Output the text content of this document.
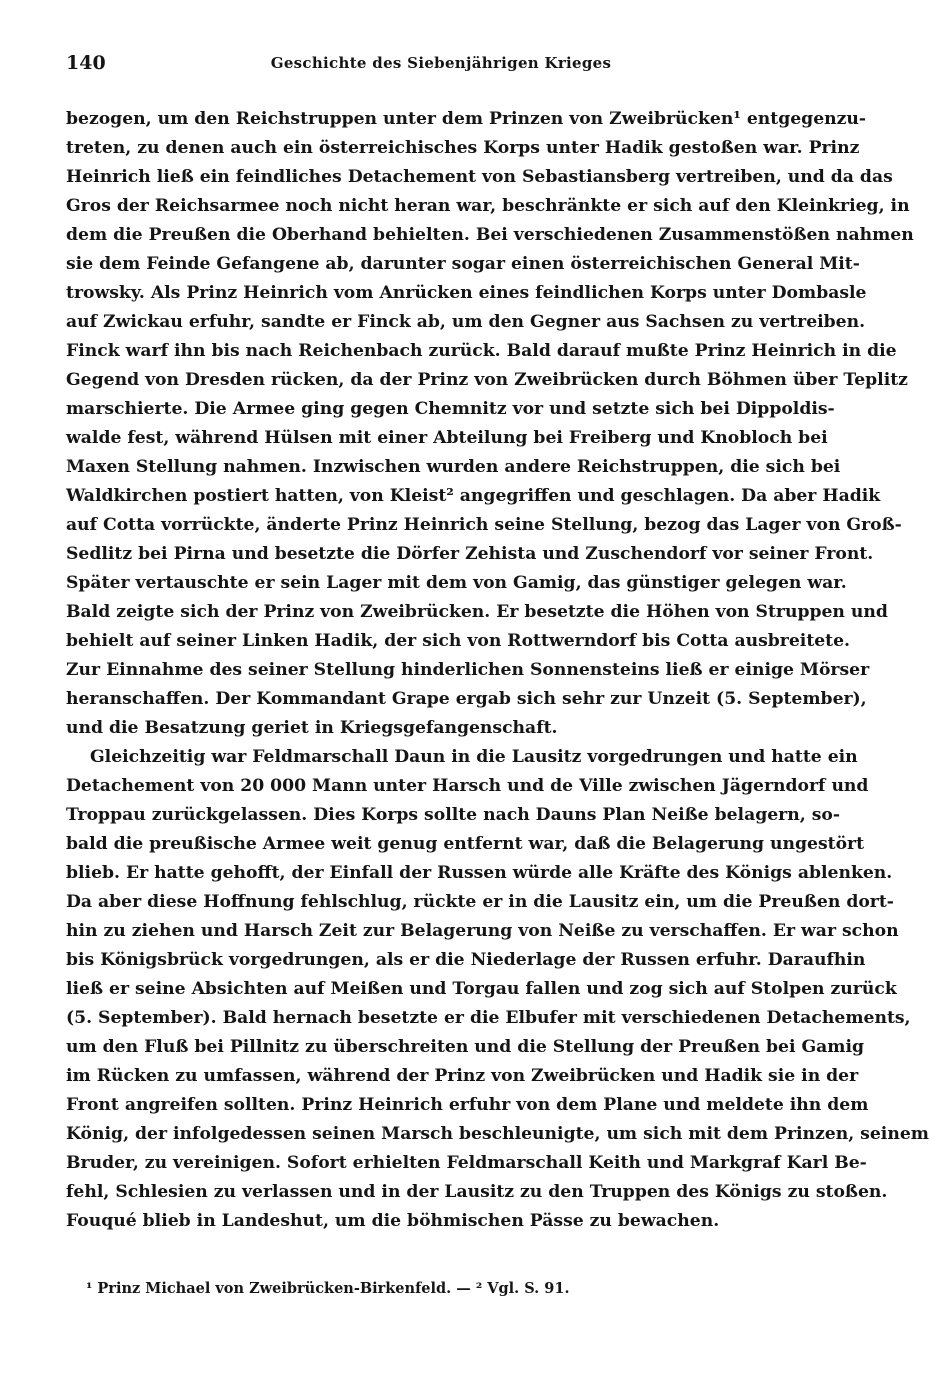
140	Geschichte des Siebenjährigen Krieges
bezogen, um den Reichstruppen unter dem Prinzen von Zweibrücken¹ entgegenzu-
treten, zu denen auch ein österreichisches Korps unter Hadik gestoßen war. Prinz
Heinrich ließ ein feindliches Detachement von Sebastiansberg vertreiben, und da das
Gros der Reichsarmee noch nicht heran war, beschränkte er sich auf den Kleinkrieg, in
dem die Preußen die Oberhand behielten. Bei verschiedenen Zusammenstößen nahmen
sie dem Feinde Gefangene ab, darunter sogar einen österreichischen General Mit-
trowsky. Als Prinz Heinrich vom Anrücken eines feindlichen Korps unter Dombasle
auf Zwickau erfuhr, sandte er Finck ab, um den Gegner aus Sachsen zu vertreiben.
Finck warf ihn bis nach Reichenbach zurück. Bald darauf mußte Prinz Heinrich in die
Gegend von Dresden rücken, da der Prinz von Zweibrücken durch Böhmen über Teplitz
marschierte. Die Armee ging gegen Chemnitz vor und setzte sich bei Dippoldis-
walde fest, während Hülsen mit einer Abteilung bei Freiberg und Knobloch bei
Maxen Stellung nahmen. Inzwischen wurden andere Reichstruppen, die sich bei
Waldkirchen postiert hatten, von Kleist² angegriffen und geschlagen. Da aber Hadik
auf Cotta vorrückte, änderte Prinz Heinrich seine Stellung, bezog das Lager von Groß-
Sedlitz bei Pirna und besetzte die Dörfer Zehista und Zuschendorf vor seiner Front.
Später vertauschte er sein Lager mit dem von Gamig, das günstiger gelegen war.
Bald zeigte sich der Prinz von Zweibrücken. Er besetzte die Höhen von Struppen und
behielt auf seiner Linken Hadik, der sich von Rottwerndorf bis Cotta ausbreitete.
Zur Einnahme des seiner Stellung hinderlichen Sonnensteins ließ er einige Mörser
heranschaffen. Der Kommandant Grape ergab sich sehr zur Unzeit (5. September),
und die Besatzung geriet in Kriegsgefangenschaft.
Gleichzeitig war Feldmarschall Daun in die Lausitz vorgedrungen und hatte ein
Detachement von 20 000 Mann unter Harsch und de Ville zwischen Jägerndorf und
Troppau zurückgelassen. Dies Korps sollte nach Dauns Plan Neiße belagern, so-
bald die preußische Armee weit genug entfernt war, daß die Belagerung ungestört
blieb. Er hatte gehofft, der Einfall der Russen würde alle Kräfte des Königs ablenken.
Da aber diese Hoffnung fehlschlug, rückte er in die Lausitz ein, um die Preußen dort-
hin zu ziehen und Harsch Zeit zur Belagerung von Neiße zu verschaffen. Er war schon
bis Königsbrück vorgedrungen, als er die Niederlage der Russen erfuhr. Daraufhin
ließ er seine Absichten auf Meißen und Torgau fallen und zog sich auf Stolpen zurück
(5. September). Bald hernach besetzte er die Elbufer mit verschiedenen Detachements,
um den Fluß bei Pillnitz zu überschreiten und die Stellung der Preußen bei Gamig
im Rücken zu umfassen, während der Prinz von Zweibrücken und Hadik sie in der
Front angreifen sollten. Prinz Heinrich erfuhr von dem Plane und meldete ihn dem
König, der infolgedessen seinen Marsch beschleunigte, um sich mit dem Prinzen, seinem
Bruder, zu vereinigen. Sofort erhielten Feldmarschall Keith und Markgraf Karl Be-
fehl, Schlesien zu verlassen und in der Lausitz zu den Truppen des Königs zu stoßen.
Fouqué blieb in Landeshut, um die böhmischen Pässe zu bewachen.
¹ Prinz Michael von Zweibrücken-Birkenfeld. — ² Vgl. S. 91.
